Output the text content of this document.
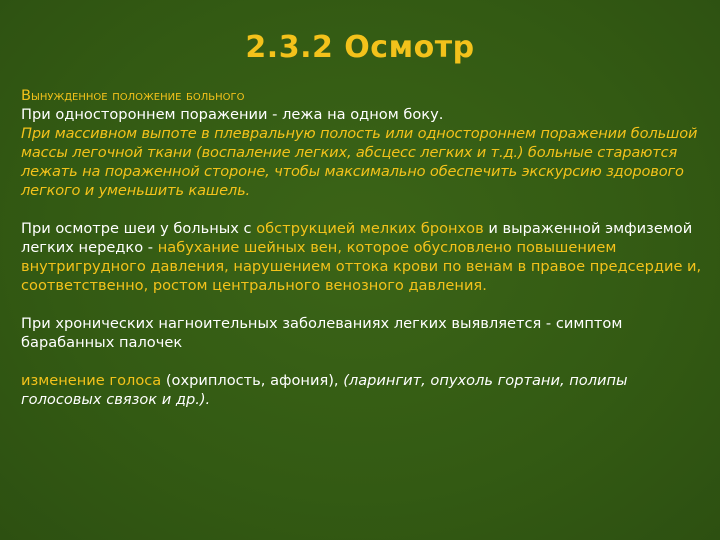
2.3.2 Осмотр

Вынужденное положение больного

При одностороннем поражении - лежа на одном боку.

При массивном выпоте в плевральную полость или одностороннем поражении большой массы легочной ткани (воспаление легких, абсцесс легких и т.д.) больные стараются лежать на пораженной стороне, чтобы максимально обеспечить экскурсию здорового легкого и уменьшить кашель.

При осмотре шеи у больных с обструкцией мелких бронхов и выраженной эмфиземой легких нередко - набухание шейных вен, которое обусловлено повышением внутригрудного давления, нарушением оттока крови по венам в правое предсердие и, соответственно, ростом центрального венозного давления.

При хронических нагноительных заболеваниях легких выявляется - симптом барабанных палочек

изменение голоса (охриплость, афония), (ларингит, опухоль гортани, полипы голосовых связок и др.).
